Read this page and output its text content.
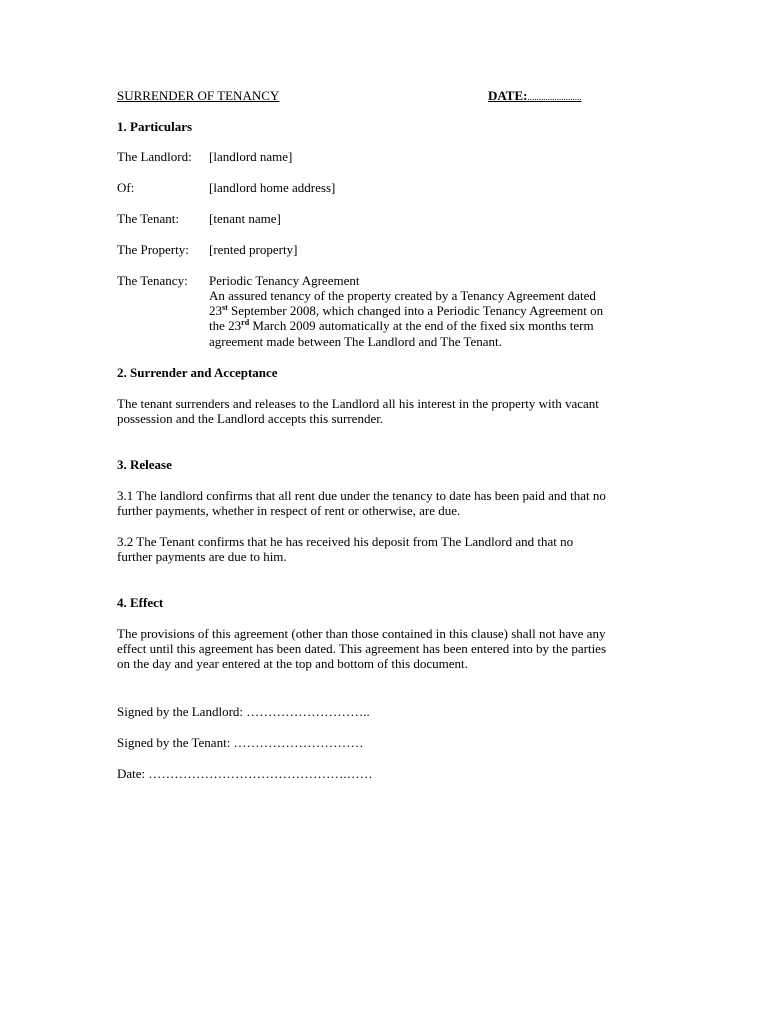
SURRENDER OF TENANCY	DATE:........................
1. Particulars
The Landlord: [landlord name]
Of:	[landlord home address]
The Tenant: [tenant name]
The Property: [rented property]
The Tenancy: Periodic Tenancy Agreement
An assured tenancy of the property created by a Tenancy Agreement dated
23st September 2008, which changed into a Periodic Tenancy Agreement on
the 23rd March 2009 automatically at the end of the fixed six months term
agreement made between The Landlord and The Tenant.
2. Surrender and Acceptance
The tenant surrenders and releases to the Landlord all his interest in the property with vacant
possession and the Landlord accepts this surrender.
3. Release
3.1 The landlord confirms that all rent due under the tenancy to date has been paid and that no
further payments, whether in respect of rent or otherwise, are due.
3.2 The Tenant confirms that he has received his deposit from The Landlord and that no
further payments are due to him.
4. Effect
The provisions of this agreement (other than those contained in this clause) shall not have any
effect until this agreement has been dated. This agreement has been entered into by the parties
on the day and year entered at the top and bottom of this document.
Signed by the Landlord: ………………………..
Signed by the Tenant: …………………………
Date: ……………………………………….……
